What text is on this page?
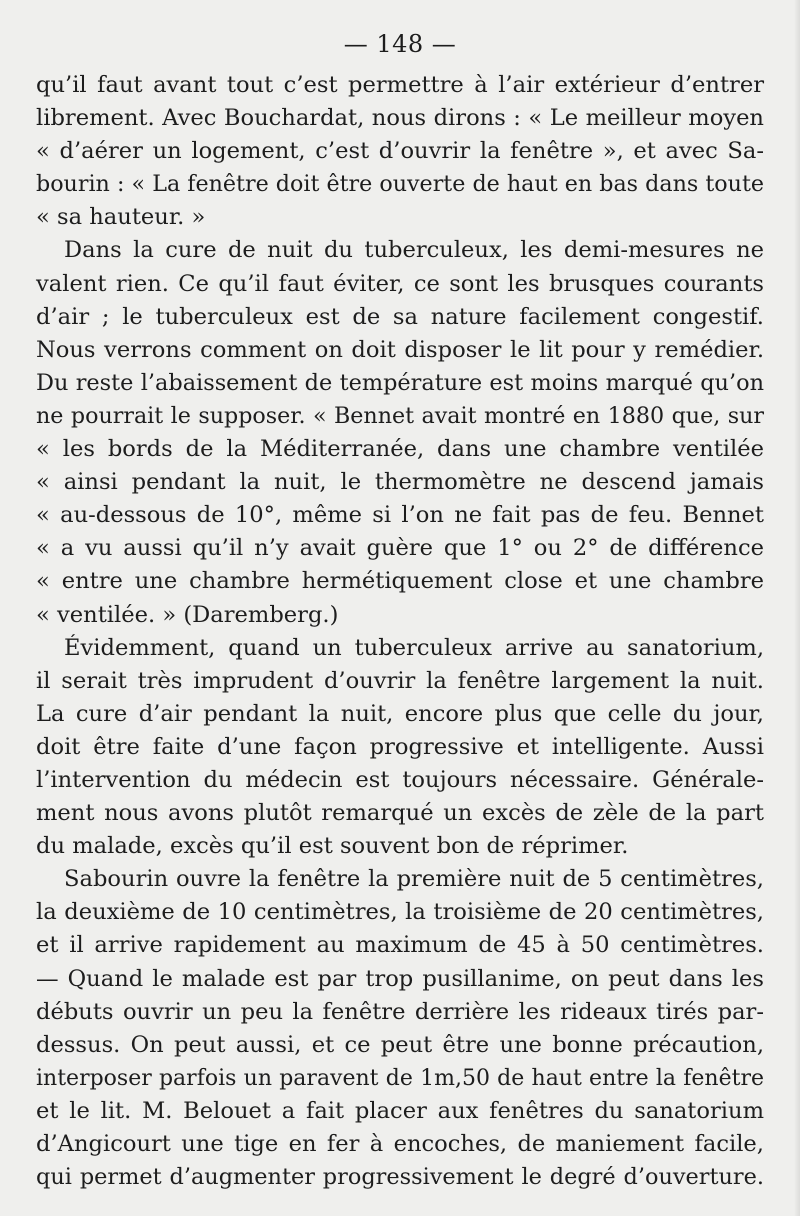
— 148 —
qu’il faut avant tout c’est permettre à l’air extérieur d’entrer
librement. Avec Bouchardat, nous dirons : « Le meilleur moyen
« d’aérer un logement, c’est d’ouvrir la fenêtre », et avec Sa-
bourin : « La fenêtre doit être ouverte de haut en bas dans toute
« sa hauteur. »
Dans la cure de nuit du tuberculeux, les demi-mesures ne
valent rien. Ce qu’il faut éviter, ce sont les brusques courants
d’air ; le tuberculeux est de sa nature facilement congestif.
Nous verrons comment on doit disposer le lit pour y remédier.
Du reste l’abaissement de température est moins marqué qu’on
ne pourrait le supposer. « Bennet avait montré en 1880 que, sur
« les bords de la Méditerranée, dans une chambre ventilée
« ainsi pendant la nuit, le thermomètre ne descend jamais
« au-dessous de 10°, même si l’on ne fait pas de feu. Bennet
« a vu aussi qu’il n’y avait guère que 1° ou 2° de différence
« entre une chambre hermétiquement close et une chambre
« ventilée. » (Daremberg.)
Évidemment, quand un tuberculeux arrive au sanatorium,
il serait très imprudent d’ouvrir la fenêtre largement la nuit.
La cure d’air pendant la nuit, encore plus que celle du jour,
doit être faite d’une façon progressive et intelligente. Aussi
l’intervention du médecin est toujours nécessaire. Générale-
ment nous avons plutôt remarqué un excès de zèle de la part
du malade, excès qu’il est souvent bon de réprimer.
Sabourin ouvre la fenêtre la première nuit de 5 centimètres,
la deuxième de 10 centimètres, la troisième de 20 centimètres,
et il arrive rapidement au maximum de 45 à 50 centimètres.
— Quand le malade est par trop pusillanime, on peut dans les
débuts ouvrir un peu la fenêtre derrière les rideaux tirés par-
dessus. On peut aussi, et ce peut être une bonne précaution,
interposer parfois un paravent de 1m,50 de haut entre la fenêtre
et le lit. M. Belouet a fait placer aux fenêtres du sanatorium
d’Angicourt une tige en fer à encoches, de maniement facile,
qui permet d’augmenter progressivement le degré d’ouverture.
